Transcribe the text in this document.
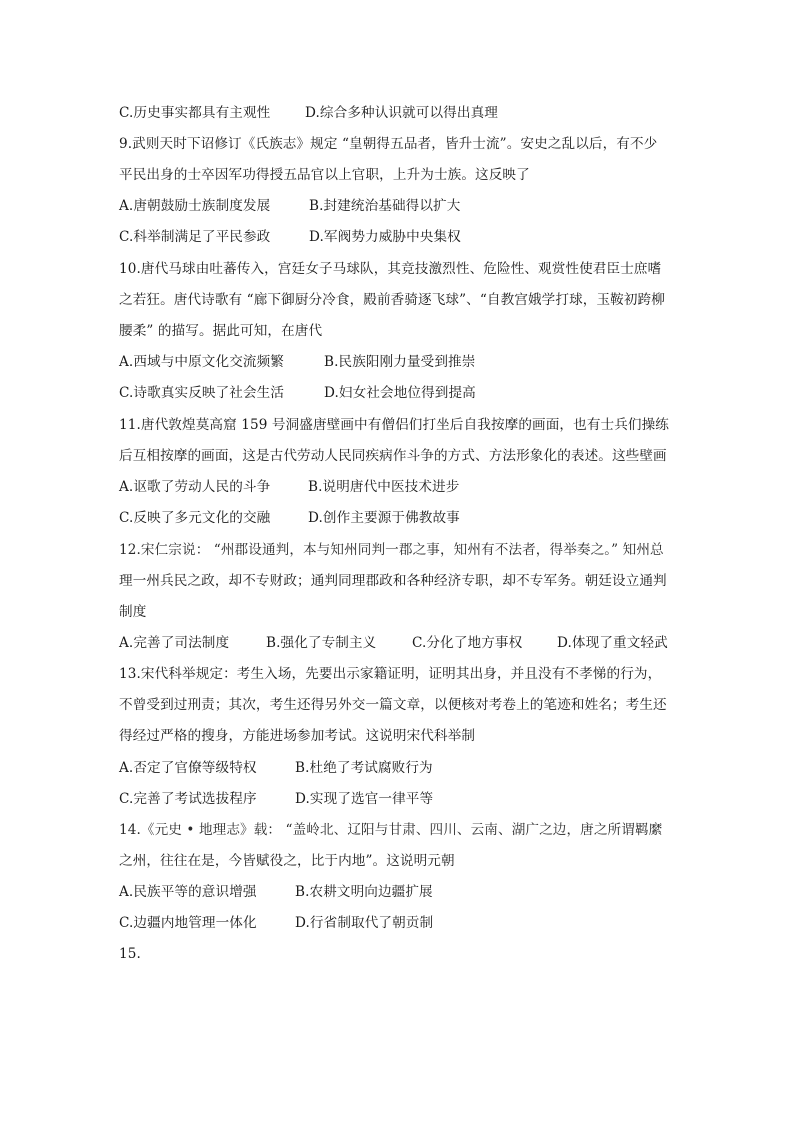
C.历史事实都具有主观性	D.综合多种认识就可以得出真理
9.武则天时下诏修订《氏族志》规定 “皇朝得五品者，皆升士流”。安史之乱以后，有不少
平民出身的士卒因军功得授五品官以上官职，上升为士族。这反映了
A.唐朝鼓励士族制度发展	B.封建统治基础得以扩大
C.科举制满足了平民参政	D.军阀势力威胁中央集权
10.唐代马球由吐蕃传入，宫廷女子马球队，其竞技激烈性、危险性、观赏性使君臣士庶嗜
之若狂。唐代诗歌有 “廊下御厨分冷食，殿前香骑逐飞球”、“自教宫娥学打球，玉鞍初跨柳
腰柔” 的描写。据此可知，在唐代
A.西域与中原文化交流频繁	B.民族阳刚力量受到推崇
C.诗歌真实反映了社会生活	D.妇女社会地位得到提高
11.唐代敦煌莫高窟 159 号洞盛唐壁画中有僧侣们打坐后自我按摩的画面，也有士兵们操练
后互相按摩的画面，这是古代劳动人民同疾病作斗争的方式、方法形象化的表述。这些壁画
A.讴歌了劳动人民的斗争	B.说明唐代中医技术进步
C.反映了多元文化的交融	D.创作主要源于佛教故事
12.宋仁宗说： “州郡设通判，本与知州同判一郡之事，知州有不法者，得举奏之。” 知州总
理一州兵民之政，却不专财政；通判同理郡政和各种经济专职，却不专军务。朝廷设立通判
制度
A.完善了司法制度	B.强化了专制主义	C.分化了地方事权	D.体现了重文轻武
13.宋代科举规定：考生入场，先要出示家籍证明，证明其出身，并且没有不孝悌的行为，
不曾受到过刑责；其次，考生还得另外交一篇文章，以便核对考卷上的笔迹和姓名；考生还
得经过严格的搜身，方能进场参加考试。这说明宋代科举制
A.否定了官僚等级特权	B.杜绝了考试腐败行为
C.完善了考试选拔程序	D.实现了选官一律平等
14.《元史 • 地理志》载： “盖岭北、辽阳与甘肃、四川、云南、湖广之边，唐之所谓羁縻
之州，往往在是，今皆赋役之，比于内地”。这说明元朝
A.民族平等的意识增强	B.农耕文明向边疆扩展
C.边疆内地管理一体化	D.行省制取代了朝贡制
15.
